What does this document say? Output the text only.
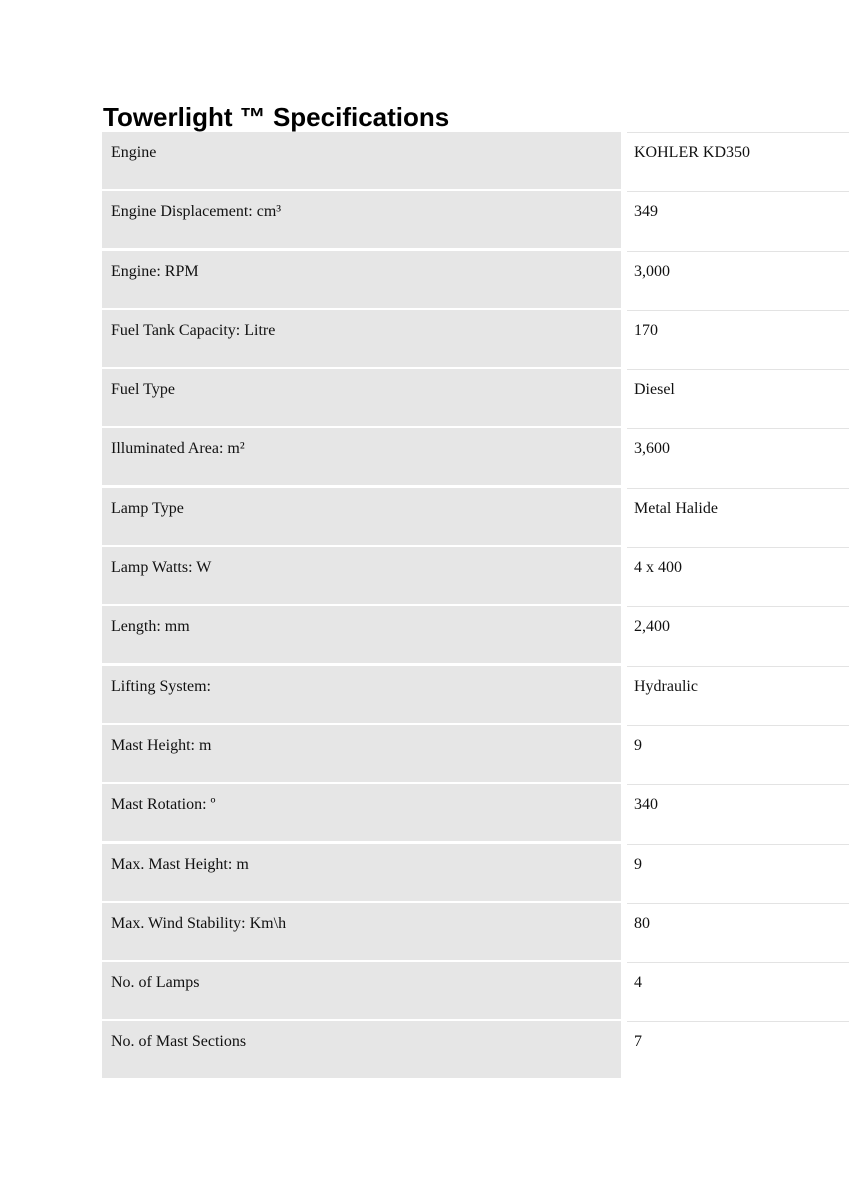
Towerlight ™ Specifications
Engine	KOHLER KD350
Engine Displacement: cm³	349
Engine: RPM	3,000
Fuel Tank Capacity: Litre	170
Fuel Type	Diesel
Illuminated Area: m²	3,600
Lamp Type	Metal Halide
Lamp Watts: W	4 x 400
Length: mm	2,400
Lifting System:	Hydraulic
Mast Height: m	9
Mast Rotation: º	340
Max. Mast Height: m	9
Max. Wind Stability: Km\h	80
No. of Lamps	4
No. of Mast Sections	7
